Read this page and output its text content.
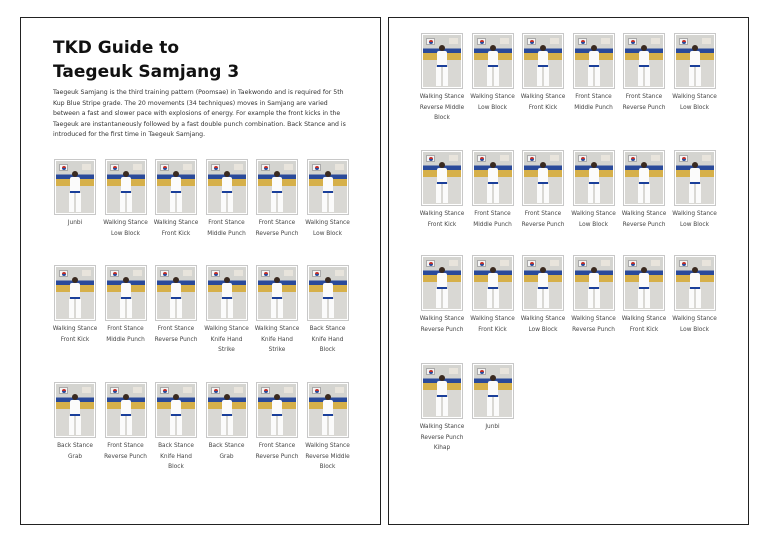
TKD Guide to
Taegeuk Samjang 3

Taegeuk Samjang is the third training pattern (Poomsae) in Taekwondo and is required for 5th Kup Blue Stripe grade. The 20 movements (34 techniques) moves in Samjang are varied between a fast and slower pace with explosions of energy. For example the front kicks in the Taegeuk are instantaneously followed by a fast double punch combination. Back Stance and is introduced for the first time in Taegeuk Samjang.

Junbi	Walking Stance
Low Block
Walking Stance
Front Kick
Front Stance
Middle Punch
Front Stance
Reverse Punch
Walking Stance
Low Block
Walking Stance
Front Kick
Front Stance
Middle Punch
Front Stance
Reverse Punch
Walking Stance
Knife Hand
Strike
Walking Stance
Knife Hand
Strike
Back Stance
Knife Hand
Block
Back Stance
Grab
Front Stance
Reverse Punch
Back Stance
Knife Hand
Block
Back Stance
Grab
Front Stance
Reverse Punch
Walking Stance
Reverse Middle
Block
Walking Stance
Reverse Middle
Block
Walking Stance
Low Block
Walking Stance
Front Kick
Front Stance
Middle Punch
Front Stance
Reverse Punch
Walking Stance
Low Block
Walking Stance
Front Kick
Front Stance
Middle Punch
Front Stance
Reverse Punch
Walking Stance
Low Block
Walking Stance
Reverse Punch
Walking Stance
Low Block
Walking Stance
Reverse Punch
Walking Stance
Front Kick
Walking Stance
Low Block
Walking Stance
Reverse Punch
Walking Stance
Front Kick
Walking Stance
Low Block
Walking Stance
Reverse Punch
Kihap
Junbi
